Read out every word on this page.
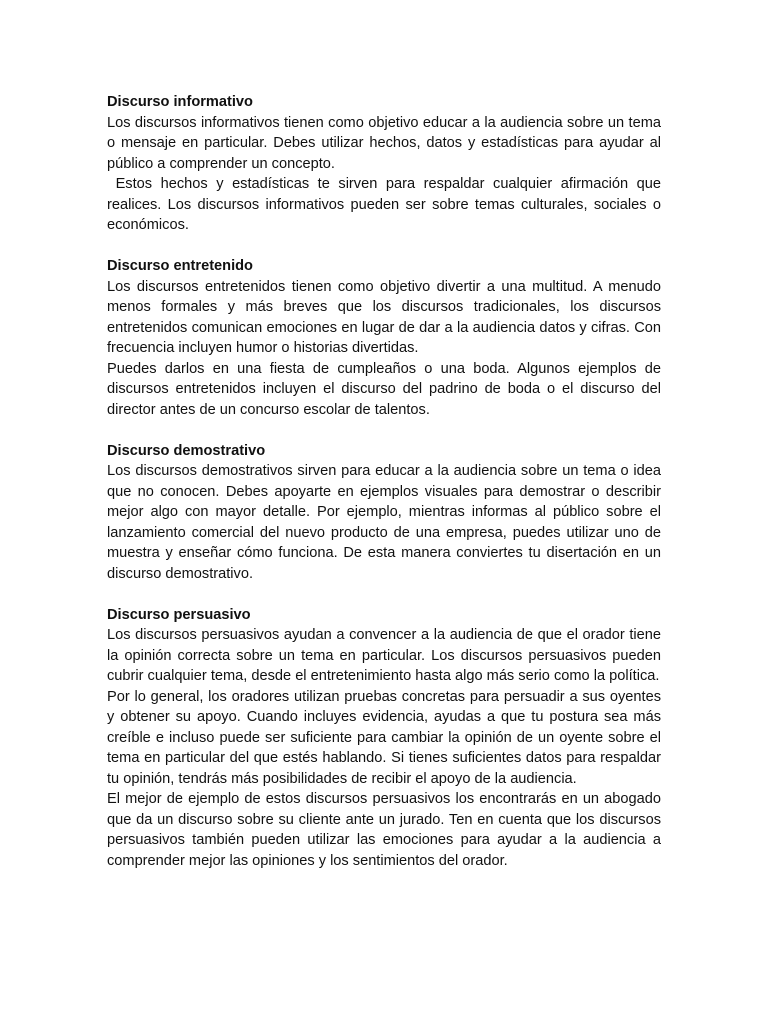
Discurso informativo

Los discursos informativos tienen como objetivo educar a la audiencia sobre un tema o mensaje en particular. Debes utilizar hechos, datos y estadísticas para ayudar al público a comprender un concepto.

Estos hechos y estadísticas te sirven para respaldar cualquier afirmación que realices. Los discursos informativos pueden ser sobre temas culturales, sociales o económicos.

Discurso entretenido

Los discursos entretenidos tienen como objetivo divertir a una multitud. A menudo menos formales y más breves que los discursos tradicionales, los discursos entretenidos comunican emociones en lugar de dar a la audiencia datos y cifras. Con frecuencia incluyen humor o historias divertidas.

Puedes darlos en una fiesta de cumpleaños o una boda. Algunos ejemplos de discursos entretenidos incluyen el discurso del padrino de boda o el discurso del director antes de un concurso escolar de talentos.

Discurso demostrativo

Los discursos demostrativos sirven para educar a la audiencia sobre un tema o idea que no conocen. Debes apoyarte en ejemplos visuales para demostrar o describir mejor algo con mayor detalle. Por ejemplo, mientras informas al público sobre el lanzamiento comercial del nuevo producto de una empresa, puedes utilizar uno de muestra y enseñar cómo funciona. De esta manera conviertes tu disertación en un discurso demostrativo.

Discurso persuasivo

Los discursos persuasivos ayudan a convencer a la audiencia de que el orador tiene la opinión correcta sobre un tema en particular. Los discursos persuasivos pueden cubrir cualquier tema, desde el entretenimiento hasta algo más serio como la política.

Por lo general, los oradores utilizan pruebas concretas para persuadir a sus oyentes y obtener su apoyo. Cuando incluyes evidencia, ayudas a que tu postura sea más creíble e incluso puede ser suficiente para cambiar la opinión de un oyente sobre el tema en particular del que estés hablando. Si tienes suficientes datos para respaldar tu opinión, tendrás más posibilidades de recibir el apoyo de la audiencia.

El mejor de ejemplo de estos discursos persuasivos los encontrarás en un abogado que da un discurso sobre su cliente ante un jurado. Ten en cuenta que los discursos persuasivos también pueden utilizar las emociones para ayudar a la audiencia a comprender mejor las opiniones y los sentimientos del orador.
